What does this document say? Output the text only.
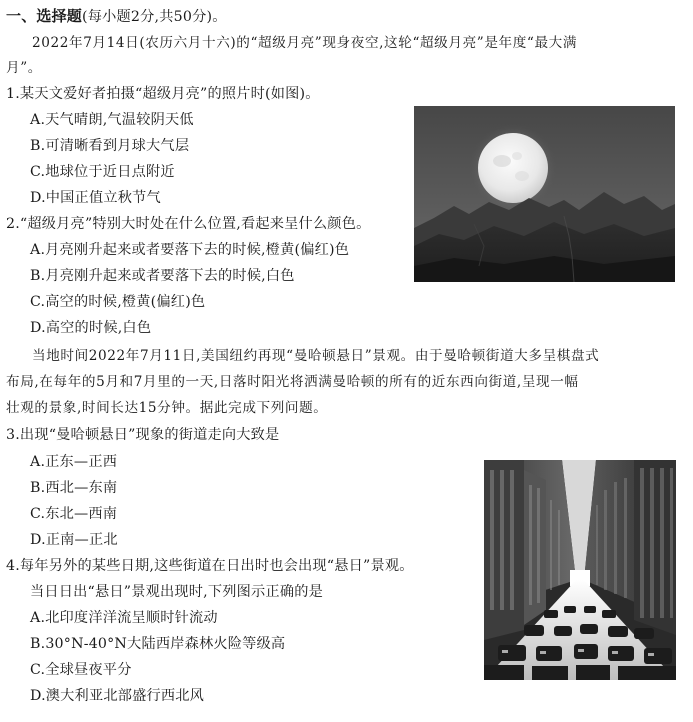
一、选择题(每小题2分,共50分)。
2022年7月14日(农历六月十六)的“超级月亮”现身夜空,这轮“超级月亮”是年度“最大满
月”。
1.某天文爱好者拍摄“超级月亮”的照片时(如图)。
A.天气晴朗,气温较阴天低
B.可清晰看到月球大气层
C.地球位于近日点附近
D.中国正值立秋节气
2.“超级月亮”特别大时处在什么位置,看起来呈什么颜色。
A.月亮刚升起来或者要落下去的时候,橙黄(偏红)色
B.月亮刚升起来或者要落下去的时候,白色
C.高空的时候,橙黄(偏红)色
D.高空的时候,白色
当地时间2022年7月11日,美国纽约再现“曼哈顿悬日”景观。由于曼哈顿街道大多呈棋盘式
布局,在每年的5月和7月里的一天,日落时阳光将洒满曼哈顿的所有的近东西向街道,呈现一幅
壮观的景象,时间长达15分钟。据此完成下列问题。
3.出现“曼哈顿悬日”现象的街道走向大致是
A.正东—正西
B.西北—东南
C.东北—西南
D.正南—正北
4.每年另外的某些日期,这些街道在日出时也会出现“悬日”景观。
当日日出“悬日”景观出现时,下列图示正确的是
A.北印度洋洋流呈顺时针流动
B.30°N-40°N大陆西岸森林火险等级高
C.全球昼夜平分
D.澳大利亚北部盛行西北风
